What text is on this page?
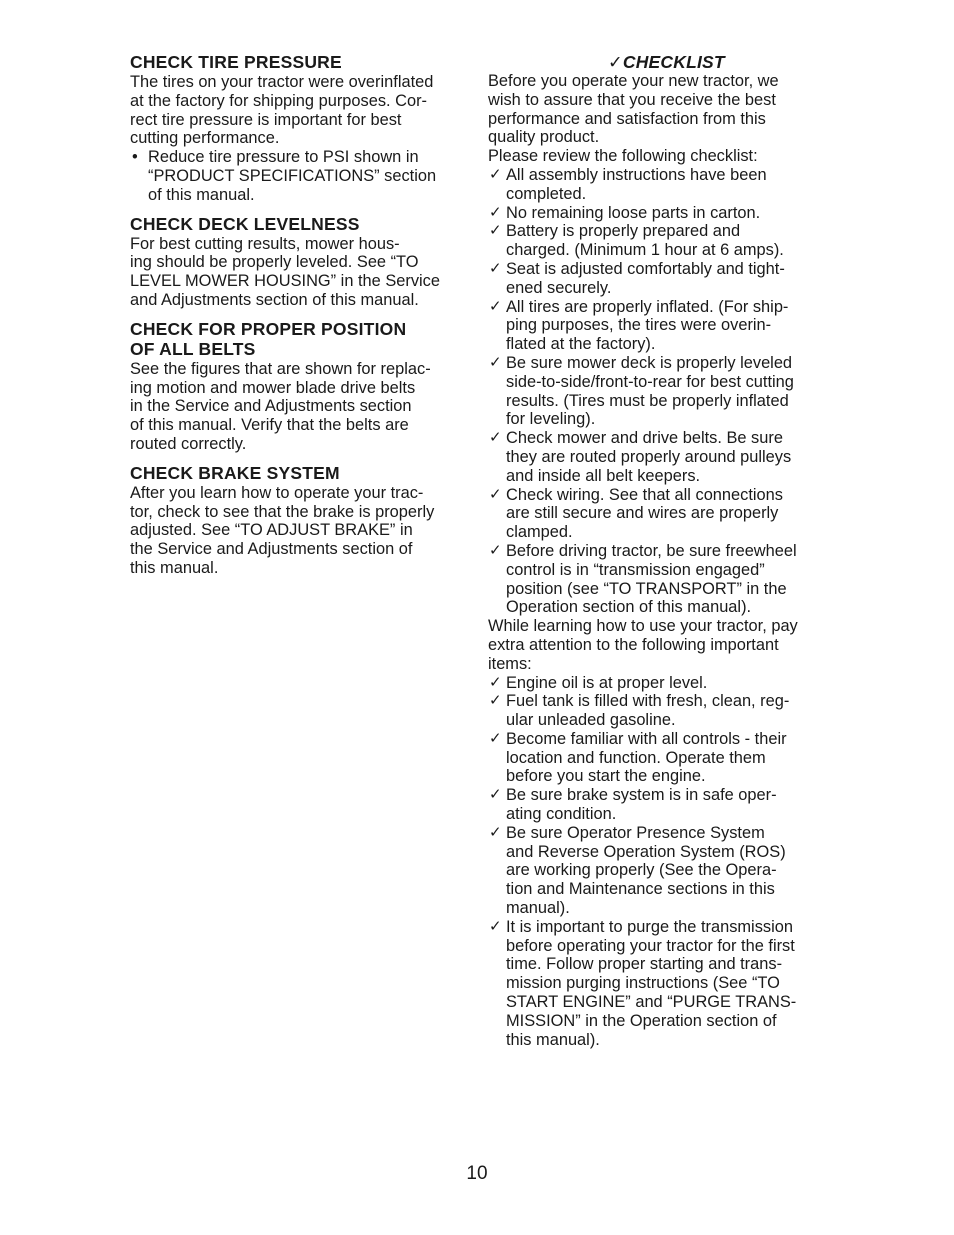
CHECK TIRE PRESSURE
The tires on your tractor were overinflated
at the factory for shipping purposes. Cor-
rect tire pressure is important for best
cutting performance.
• Reduce tire pressure to PSI shown in
“PRODUCT SPECIFICATIONS” section
of this manual.
CHECK DECK LEVELNESS
For best cutting results, mower hous-
ing should be properly leveled. See “TO
LEVEL MOWER HOUSING” in the Service
and Adjustments section of this manual.
CHECK FOR PROPER POSITION
OF ALL BELTS
See the figures that are shown for replac-
ing motion and mower blade drive belts
in the Service and Adjustments section
of this manual. Verify that the belts are
routed correctly.
CHECK BRAKE SYSTEM
After you learn how to operate your trac-
tor, check to see that the brake is properly
adjusted. See “TO ADJUST BRAKE” in
the Service and Adjustments section of
this manual.
✓CHECKLIST
Before you operate your new tractor, we
wish to assure that you receive the best
performance and satisfaction from this
quality product.
Please review the following checklist:
✓ All assembly instructions have been
completed.
✓ No remaining loose parts in carton.
✓ Battery is properly prepared and
charged. (Minimum 1 hour at 6 amps).
✓ Seat is adjusted comfortably and tight-
ened securely.
✓ All tires are properly inflated. (For ship-
ping purposes, the tires were overin-
flated at the factory).
✓ Be sure mower deck is properly leveled
side-to-side/front-to-rear for best cutting
results. (Tires must be properly inflated
for leveling).
✓ Check mower and drive belts. Be sure
they are routed properly around pulleys
and inside all belt keepers.
✓ Check wiring. See that all connections
are still secure and wires are properly
clamped.
✓ Before driving tractor, be sure freewheel
control is in “transmission engaged”
position (see “TO TRANSPORT” in the
Operation section of this manual).
While learning how to use your tractor, pay
extra attention to the following important
items:
✓ Engine oil is at proper level.
✓ Fuel tank is filled with fresh, clean, reg-
ular unleaded gasoline.
✓ Become familiar with all controls - their
location and function. Operate them
before you start the engine.
✓ Be sure brake system is in safe oper-
ating condition.
✓ Be sure Operator Presence System
and Reverse Operation System (ROS)
are working properly (See the Opera-
tion and Maintenance sections in this
manual).
✓ It is important to purge the transmission
before operating your tractor for the first
time. Follow proper starting and trans-
mission purging instructions (See “TO
START ENGINE” and “PURGE TRANS-
MISSION” in the Operation section of
this manual).
10
